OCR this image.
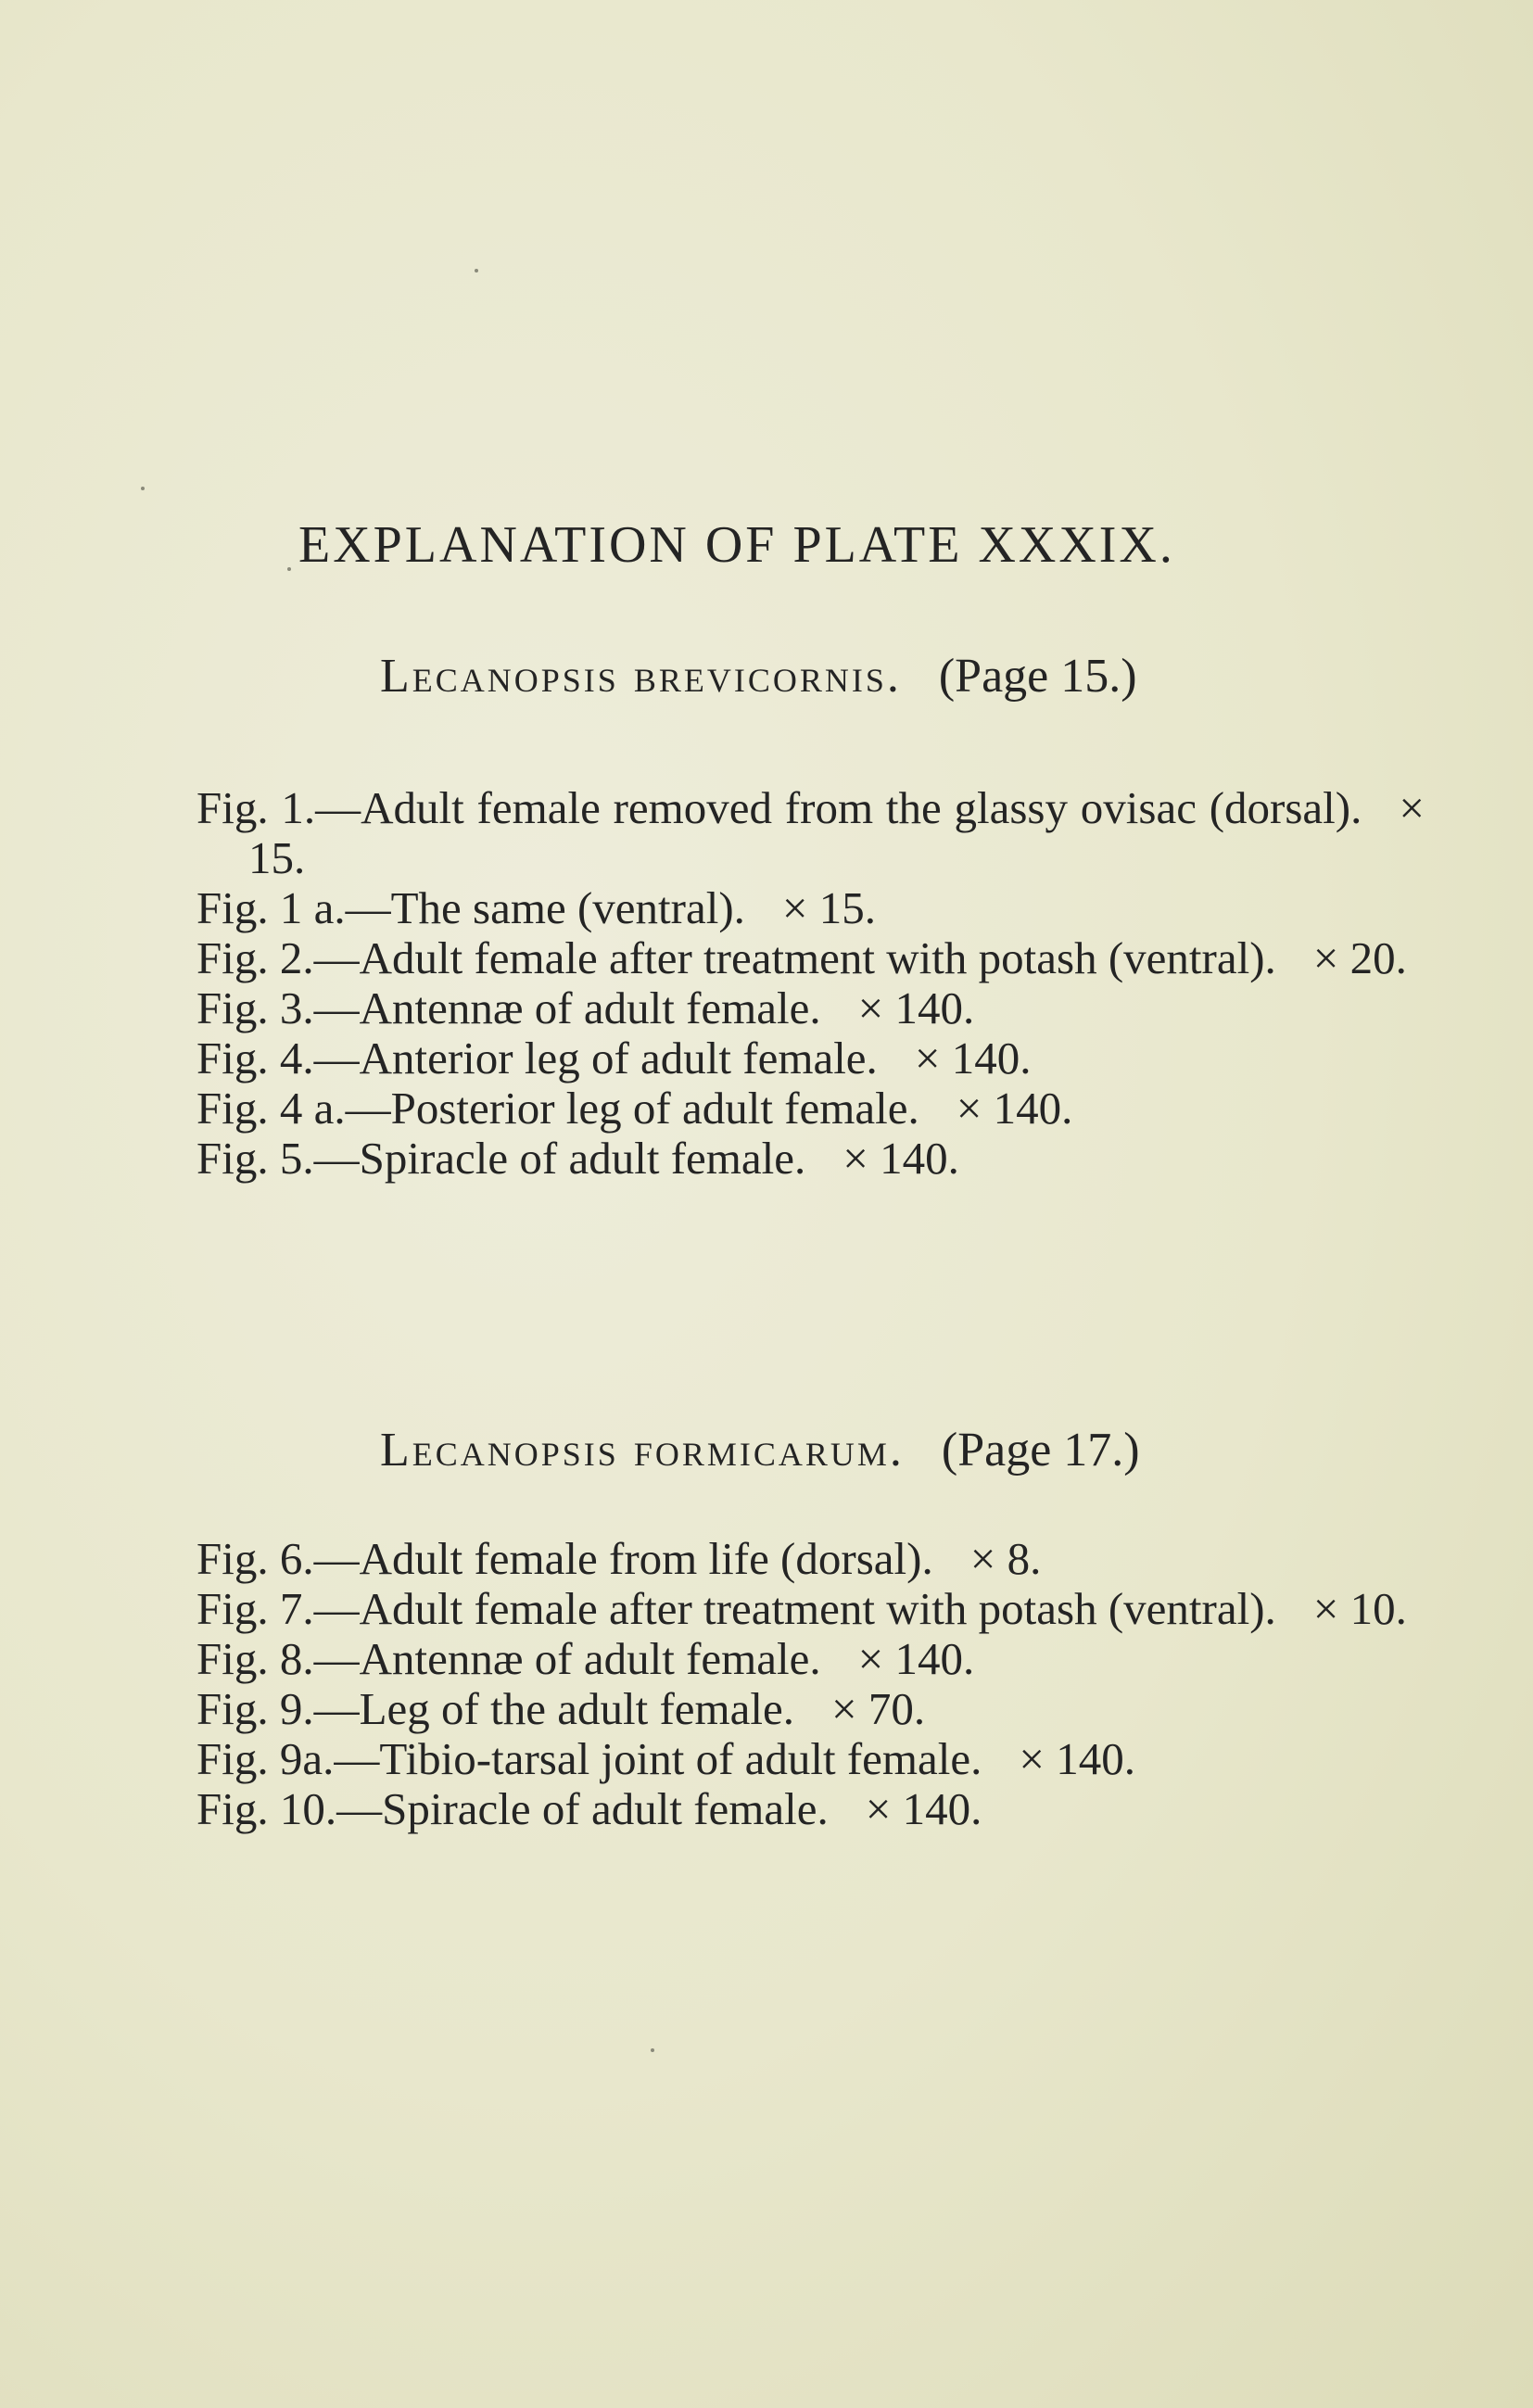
EXPLANATION OF PLATE XXXIX.
Lecanopsis brevicornis. (Page 15.)
Fig. 1.—Adult female removed from the glassy ovisac (dorsal). × 15.
Fig. 1 a.—The same (ventral). × 15.
Fig. 2.—Adult female after treatment with potash (ventral). × 20.
Fig. 3.—Antennæ of adult female. × 140.
Fig. 4.—Anterior leg of adult female. × 140.
Fig. 4 a.—Posterior leg of adult female. × 140.
Fig. 5.—Spiracle of adult female. × 140.
Lecanopsis formicarum. (Page 17.)
Fig. 6.—Adult female from life (dorsal). × 8.
Fig. 7.—Adult female after treatment with potash (ventral). × 10.
Fig. 8.—Antennæ of adult female. × 140.
Fig. 9.—Leg of the adult female. × 70.
Fig. 9a.—Tibio-tarsal joint of adult female. × 140.
Fig. 10.—Spiracle of adult female. × 140.
